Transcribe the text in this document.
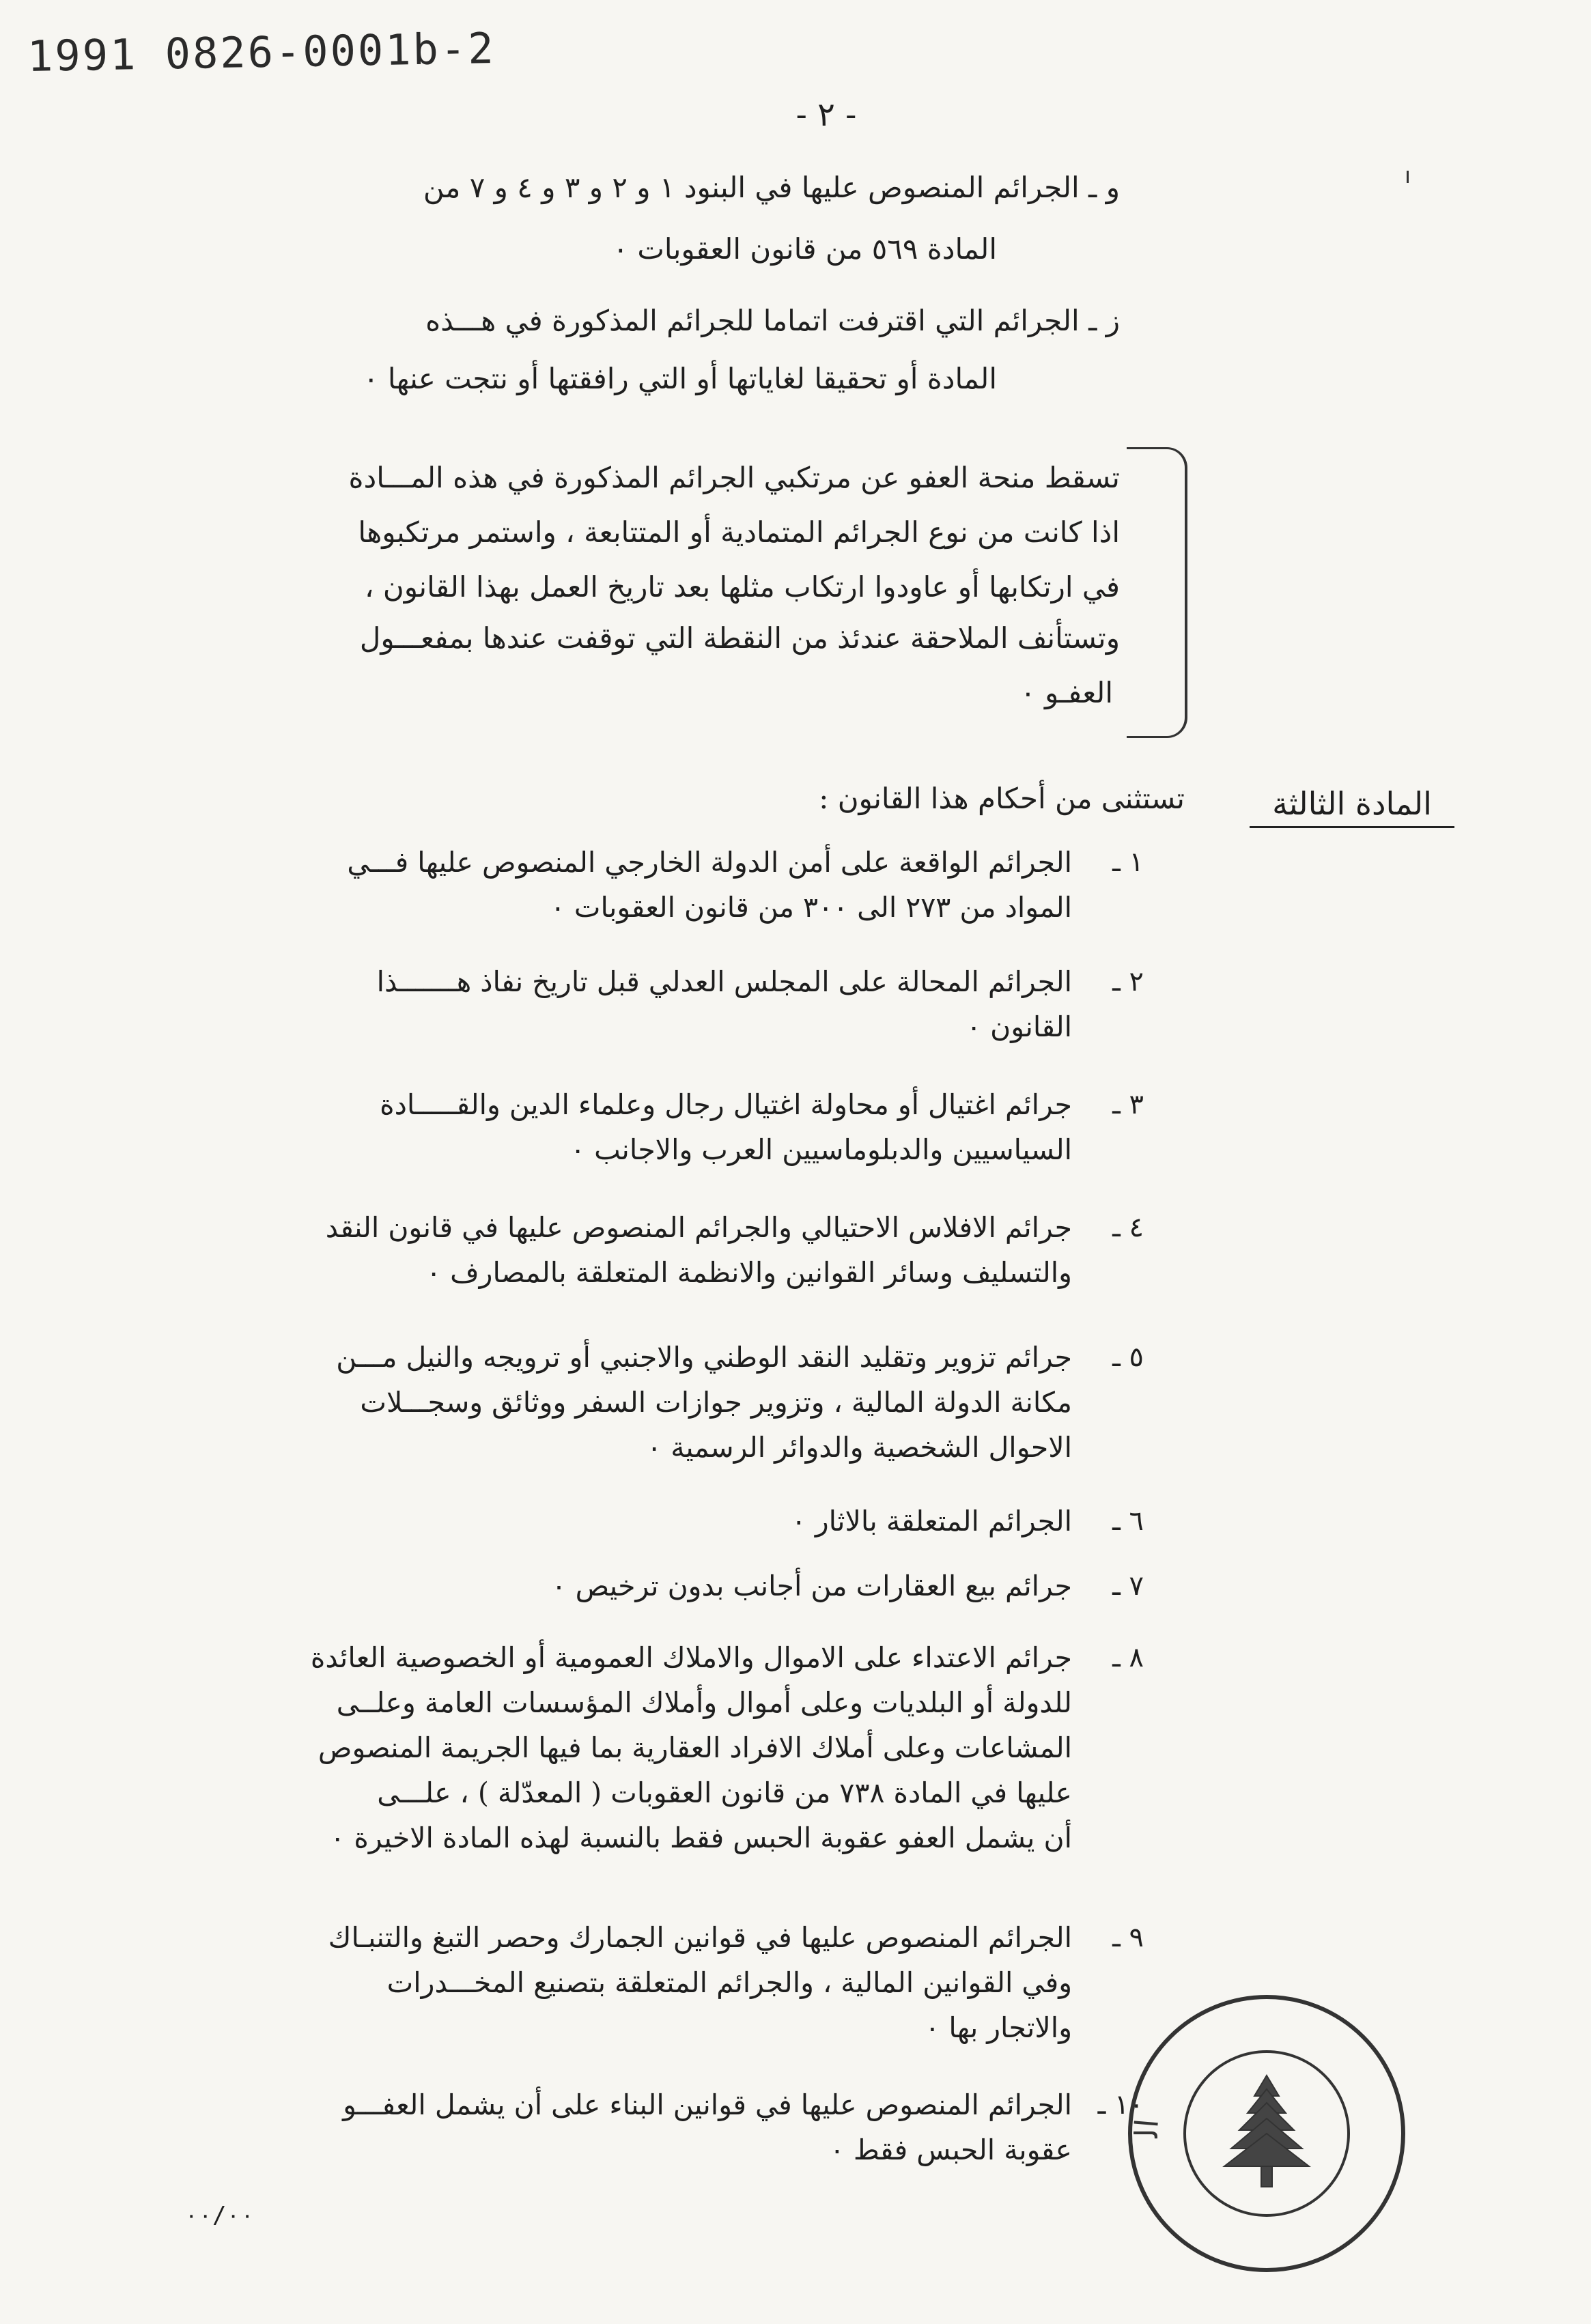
1991 0826-0001b-2
- ٢ -
و ـ الجرائم المنصوص عليها في البنود ١ و ٢ و ٣ و ٤ و ٧ من
المادة ٥٦٩ من قانون العقوبات ٠
ز ـ الجرائم التي اقترفت اتماما للجرائم المذكورة في هـــذه
المادة أو تحقيقا لغاياتها أو التي رافقتها أو نتجت عنها ٠
تسقط منحة العفو عن مرتكبي الجرائم المذكورة في هذه المـــادة
اذا كانت من نوع الجرائم المتمادية أو المتتابعة ، واستمر مرتكبوها
في ارتكابها أو عاودوا ارتكاب مثلها بعد تاريخ العمل بهذا القانون ،
وتستأنف الملاحقة عندئذ من النقطة التي توقفت عندها بمفعـــول
العفـو ٠
المادة الثالثة
تستثنى من أحكام هذا القانون :
١ ـ
الجرائم الواقعة على أمن الدولة الخارجي المنصوص عليها فـــي
المواد من ٢٧٣ الى ٣٠٠ من قانون العقوبات ٠
٢ ـ
الجرائم المحالة على المجلس العدلي قبل تاريخ نفاذ هـــــــذا
القانون ٠
٣ ـ
جرائم اغتيال أو محاولة اغتيال رجال وعلماء الدين والقـــــادة
السياسيين والدبلوماسيين العرب والاجانب ٠
٤ ـ
جرائم الافلاس الاحتيالي والجرائم المنصوص عليها في قانون النقد
والتسليف وسائر القوانين والانظمة المتعلقة بالمصارف ٠
٥ ـ
جرائم تزوير وتقليد النقد الوطني والاجنبي أو ترويجه والنيل مـــن
مكانة الدولة المالية ، وتزوير جوازات السفر ووثائق وسجـــلات
الاحوال الشخصية والدوائر الرسمية ٠
٦ ـ
الجرائم المتعلقة بالاثار ٠
٧ ـ
جرائم بيع العقارات من أجانب بدون ترخيص ٠
٨ ـ
جرائم الاعتداء على الاموال والاملاك العمومية أو الخصوصية العائدة
للدولة أو البلديات وعلى أموال وأملاك المؤسسات العامة وعلــى
المشاعات وعلى أملاك الافراد العقارية بما فيها الجريمة المنصوص
عليها في المادة ٧٣٨ من قانون العقوبات ( المعدّلة ) ، علـــى
أن يشمل العفو عقوبة الحبس فقط بالنسبة لهذه المادة الاخيرة ٠
٩ ـ
الجرائم المنصوص عليها في قوانين الجمارك وحصر التبغ والتنبـاك
وفي القوانين المالية ، والجرائم المتعلقة بتصنيع المخـــدرات
والاتجار بها ٠
١٠ ـ
الجرائم المنصوص عليها في قوانين البناء على أن يشمل العفـــو
عقوبة الحبس فقط ٠
٠٠/٠٠
ال
